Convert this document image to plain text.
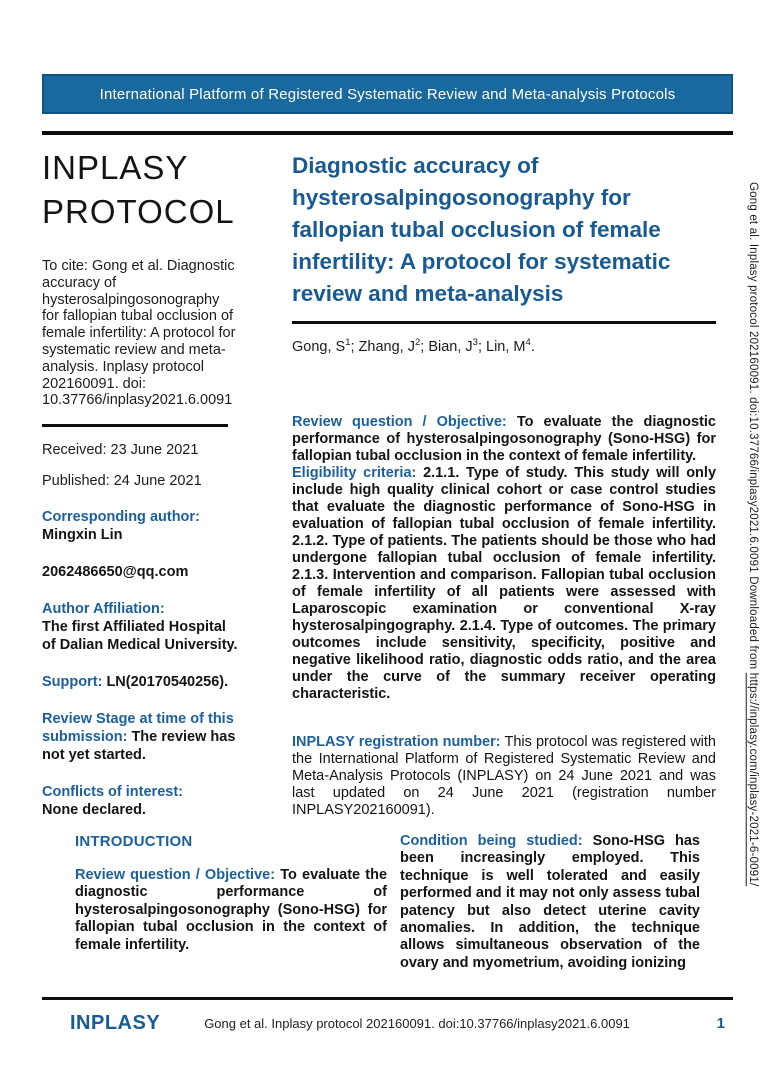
International Platform of Registered Systematic Review and Meta-analysis Protocols
INPLASY
PROTOCOL

To cite: Gong et al. Diagnostic accuracy of hysterosalpingosonography for fallopian tubal occlusion of female infertility: A protocol for systematic review and meta-analysis. Inplasy protocol 202160091. doi: 10.37766/inplasy2021.6.0091

Received: 23 June 2021

Published: 24 June 2021

Corresponding author:
Mingxin Lin

2062486650@qq.com

Author Affiliation:
The first Affiliated Hospital of Dalian Medical University.

Support: LN(20170540256).

Review Stage at time of this submission: The review has not yet started.

Conflicts of interest:
None declared.

Diagnostic accuracy of hysterosalpingosonography for fallopian tubal occlusion of female infertility: A protocol for systematic review and meta-analysis

Gong, $S^1$; Zhang, $J^2$; Bian, $J^3$; Lin, $M^4$.

Review question / Objective: To evaluate the diagnostic performance of hysterosalpingosonography (Sono-HSG) for fallopian tubal occlusion in the context of female infertility.

Eligibility criteria: 2.1.1. Type of study. This study will only include high quality clinical cohort or case control studies that evaluate the diagnostic performance of Sono-HSG in evaluation of fallopian tubal occlusion of female infertility. 2.1.2. Type of patients. The patients should be those who had undergone fallopian tubal occlusion of female infertility. 2.1.3. Intervention and comparison. Fallopian tubal occlusion of female infertility of all patients were assessed with Laparoscopic examination or conventional X-ray hysterosalpingography. 2.1.4. Type of outcomes. The primary outcomes include sensitivity, specificity, positive and negative likelihood ratio, diagnostic odds ratio, and the area under the curve of the summary receiver operating characteristic.

INPLASY registration number: This protocol was registered with the International Platform of Registered Systematic Review and Meta-Analysis Protocols (INPLASY) on 24 June 2021 and was last updated on 24 June 2021 (registration number INPLASY202160091).

INTRODUCTION

Review question / Objective: To evaluate the diagnostic performance of hysterosalpingosonography (Sono-HSG) for fallopian tubal occlusion in the context of female infertility.

Condition being studied: Sono-HSG has been increasingly employed. This technique is well tolerated and easily performed and it may not only assess tubal patency but also detect uterine cavity anomalies. In addition, the technique allows simultaneous observation of the ovary and myometrium, avoiding ionizing

INPLASY	Gong et al. Inplasy protocol 202160091. doi:10.37766/inplasy2021.6.0091	1
Gong et al. Inplasy protocol 202160091. doi:10.37766/inplasy2021.6.0091 Downloaded from https://inplasy.com/inplasy-2021-6-0091/
